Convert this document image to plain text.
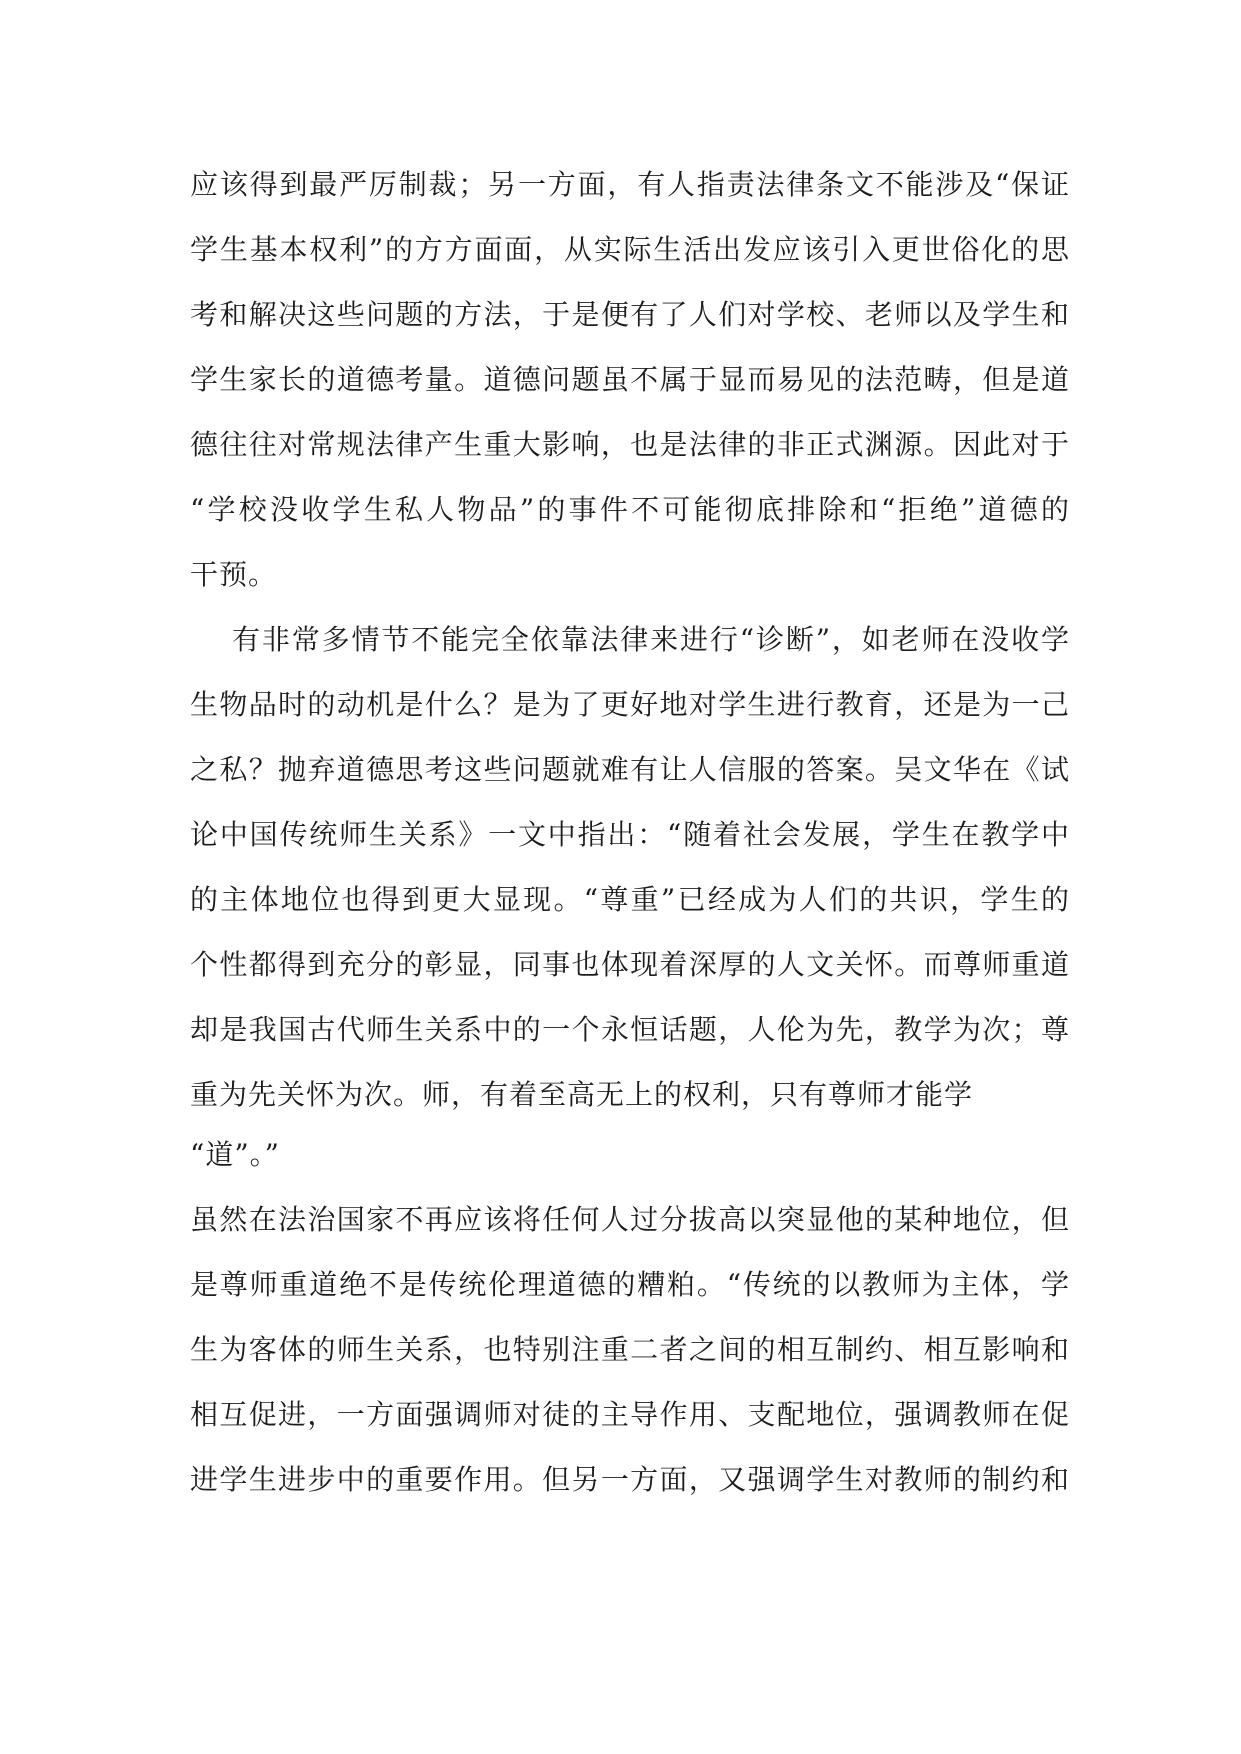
应该得到最严厉制裁；另一方面，有人指责法律条文不能涉及“保证
学生基本权利”的方方面面，从实际生活出发应该引入更世俗化的思
考和解决这些问题的方法，于是便有了人们对学校、老师以及学生和
学生家长的道德考量。道德问题虽不属于显而易见的法范畴，但是道
德往往对常规法律产生重大影响，也是法律的非正式渊源。因此对于
“学校没收学生私人物品”的事件不可能彻底排除和“拒绝”道德的
干预。
有非常多情节不能完全依靠法律来进行“诊断”，如老师在没收学
生物品时的动机是什么？是为了更好地对学生进行教育，还是为一己
之私？抛弃道德思考这些问题就难有让人信服的答案。吴文华在《试
论中国传统师生关系》一文中指出：“随着社会发展，学生在教学中
的主体地位也得到更大显现。“尊重”已经成为人们的共识，学生的
个性都得到充分的彰显，同事也体现着深厚的人文关怀。而尊师重道
却是我国古代师生关系中的一个永恒话题，人伦为先，教学为次；尊
重为先关怀为次。师，有着至高无上的权利，只有尊师才能学
“道”。”
虽然在法治国家不再应该将任何人过分拔高以突显他的某种地位，但
是尊师重道绝不是传统伦理道德的糟粕。“传统的以教师为主体，学
生为客体的师生关系，也特别注重二者之间的相互制约、相互影响和
相互促进，一方面强调师对徒的主导作用、支配地位，强调教师在促
进学生进步中的重要作用。但另一方面，又强调学生对教师的制约和
